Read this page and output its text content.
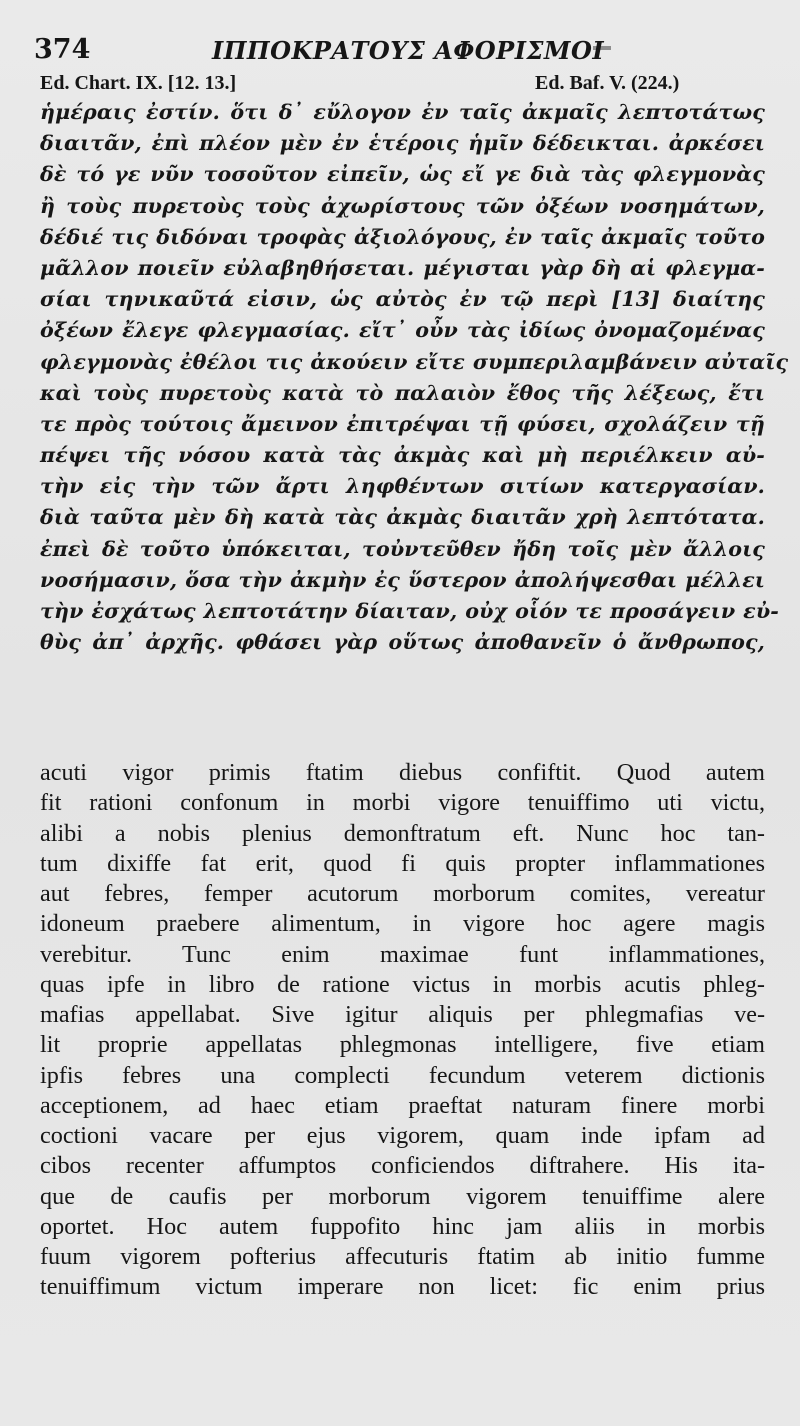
374	ΙΠΠΟΚΡΑΤΟΥΣ ΑΦΟΡΙΣΜΟΙ
Ed. Chart. IX. [12. 13.]	Ed. Baf. V. (224.)
ἡμέραις ἐστίν. ὅτι δ᾽ εὔλογον ἐν ταῖς ἀκμαῖς λεπτοτάτως
διαιτᾶν, ἐπὶ πλέον μὲν ἐν ἑτέροις ἡμῖν δέδεικται. ἀρκέσει
δὲ τό γε νῦν τοσοῦτον εἰπεῖν, ὡς εἴ γε διὰ τὰς φλεγμονὰς
ἢ τοὺς πυρετοὺς τοὺς ἀχωρίστους τῶν ὀξέων νοσημάτων,
δέδιέ τις διδόναι τροφὰς ἀξιολόγους, ἐν ταῖς ἀκμαῖς τοῦτο
μᾶλλον ποιεῖν εὐλαβηθήσεται. μέγισται γὰρ δὴ αἱ φλεγμα-
σίαι τηνικαῦτά εἰσιν, ὡς αὐτὸς ἐν τῷ περὶ [13] διαίτης
ὀξέων ἔλεγε φλεγμασίας. εἴτ᾽ οὖν τὰς ἰδίως ὀνομαζομένας
φλεγμονὰς ἐθέλοι τις ἀκούειν εἴτε συμπεριλαμβάνειν αὐταῖς
καὶ τοὺς πυρετοὺς κατὰ τὸ παλαιὸν ἔθος τῆς λέξεως, ἔτι
τε πρὸς τούτοις ἄμεινον ἐπιτρέψαι τῇ φύσει, σχολάζειν τῇ
πέψει τῆς νόσου κατὰ τὰς ἀκμὰς καὶ μὴ περιέλκειν αὐ-
τὴν εἰς τὴν τῶν ἄρτι ληφθέντων σιτίων κατεργασίαν.
διὰ ταῦτα μὲν δὴ κατὰ τὰς ἀκμὰς διαιτᾶν χρὴ λεπτότατα.
ἐπεὶ δὲ τοῦτο ὑπόκειται, τοὐντεῦθεν ἤδη τοῖς μὲν ἄλλοις
νοσήμασιν, ὅσα τὴν ἀκμὴν ἐς ὕστερον ἀπολήψεσθαι μέλλει
τὴν ἐσχάτως λεπτοτάτην δίαιταν, οὐχ οἷόν τε προσάγειν εὐ-
θὺς ἀπ᾽ ἀρχῆς. φθάσει γὰρ οὕτως ἀποθανεῖν ὁ ἄνθρωπος,
acuti vigor primis ftatim diebus confiftit. Quod autem
fit rationi confonum in morbi vigore tenuiffimo uti victu,
alibi a nobis plenius demonftratum eft. Nunc hoc tan-
tum dixiffe fat erit, quod fi quis propter inflammationes
aut febres, femper acutorum morborum comites, vereatur
idoneum praebere alimentum, in vigore hoc agere magis
verebitur. Tunc enim maximae funt inflammationes,
quas ipfe in libro de ratione victus in morbis acutis phleg-
mafias appellabat. Sive igitur aliquis per phlegmafias ve-
lit proprie appellatas phlegmonas intelligere, five etiam
ipfis febres una complecti fecundum veterem dictionis
acceptionem, ad haec etiam praeftat naturam finere morbi
coctioni vacare per ejus vigorem, quam inde ipfam ad
cibos recenter affumptos conficiendos diftrahere. His ita-
que de caufis per morborum vigorem tenuiffime alere
oportet. Hoc autem fuppofito hinc jam aliis in morbis
fuum vigorem pofterius affecuturis ftatim ab initio fumme
tenuiffimum victum imperare non licet: fic enim prius
